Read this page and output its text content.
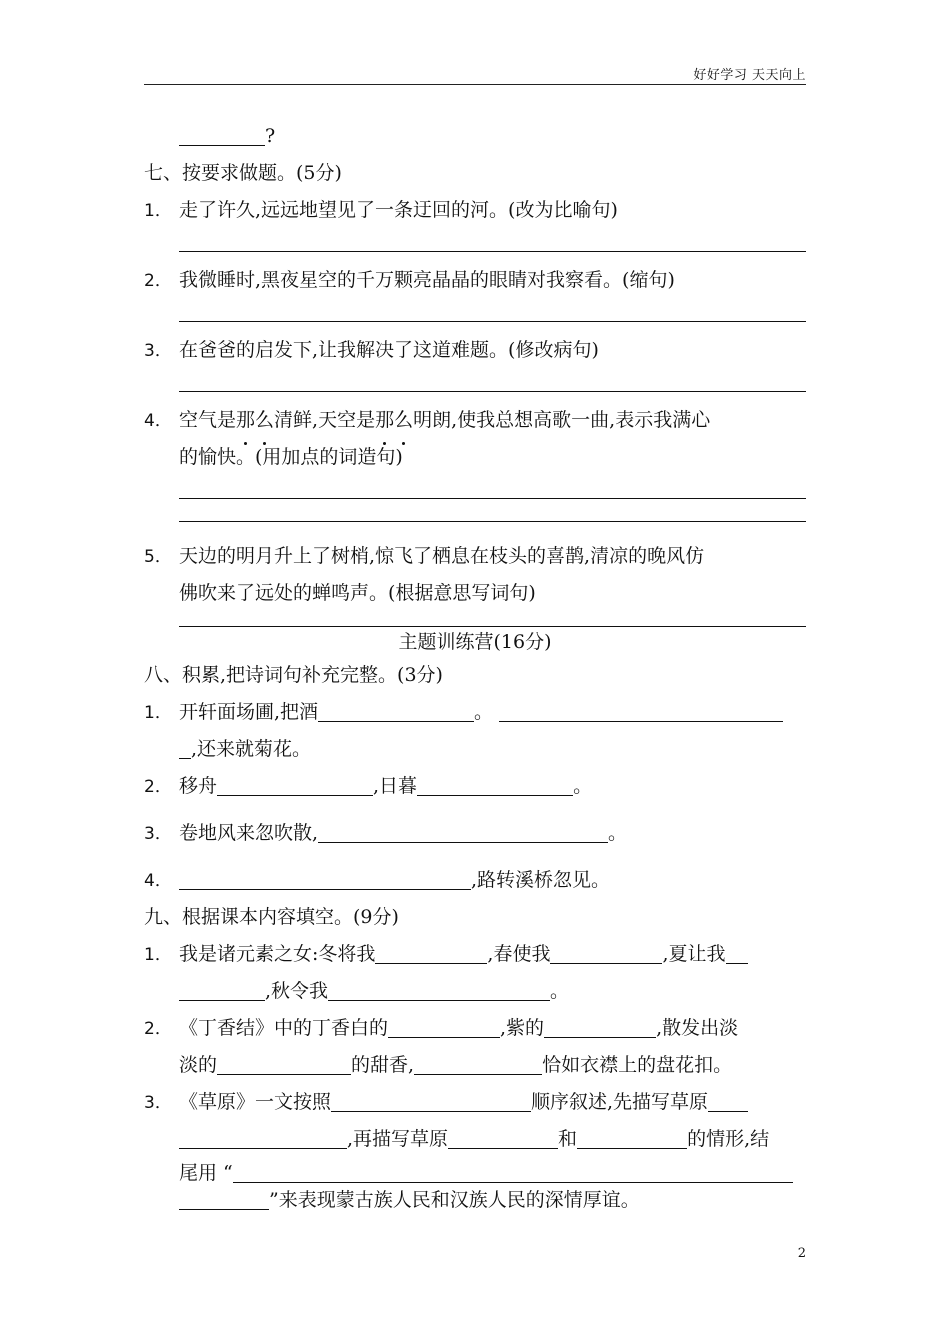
好好学习 天天向上
?
七、按要求做题。(5分)
1． 走了许久,远远地望见了一条迂回的河。(改为比喻句)
2． 我微睡时,黑夜星空的千万颗亮晶晶的眼睛对我察看。(缩句)
3． 在爸爸的启发下,让我解决了这道难题。(修改病句)
4． 空气是那么清鲜,天空是那么明朗,使我总想高歌一曲,表示我满心
的愉快。(用加点的词造句)
5． 天边的明月升上了树梢,惊飞了栖息在枝头的喜鹊,清凉的晚风仿
佛吹来了远处的蝉鸣声。(根据意思写词句)
主题训练营(16分)
八、积累,把诗词句补充完整。(3分)
1． 开轩面场圃,把酒	。
,还来就菊花。
2． 移舟	,日暮	。
3． 卷地风来忽吹散,	。
4．	,路转溪桥忽见。
九、根据课本内容填空。(9分)
1． 我是诸元素之女:冬将我	,春使我	,夏让我
,秋令我	。
2． 《丁香结》中的丁香白的	,紫的	,散发出淡
淡的	的甜香,	恰如衣襟上的盘花扣。
3． 《草原》一文按照	顺序叙述,先描写草原
,再描写草原	和	的情形,结
尾用 “
”来表现蒙古族人民和汉族人民的深情厚谊。
2
